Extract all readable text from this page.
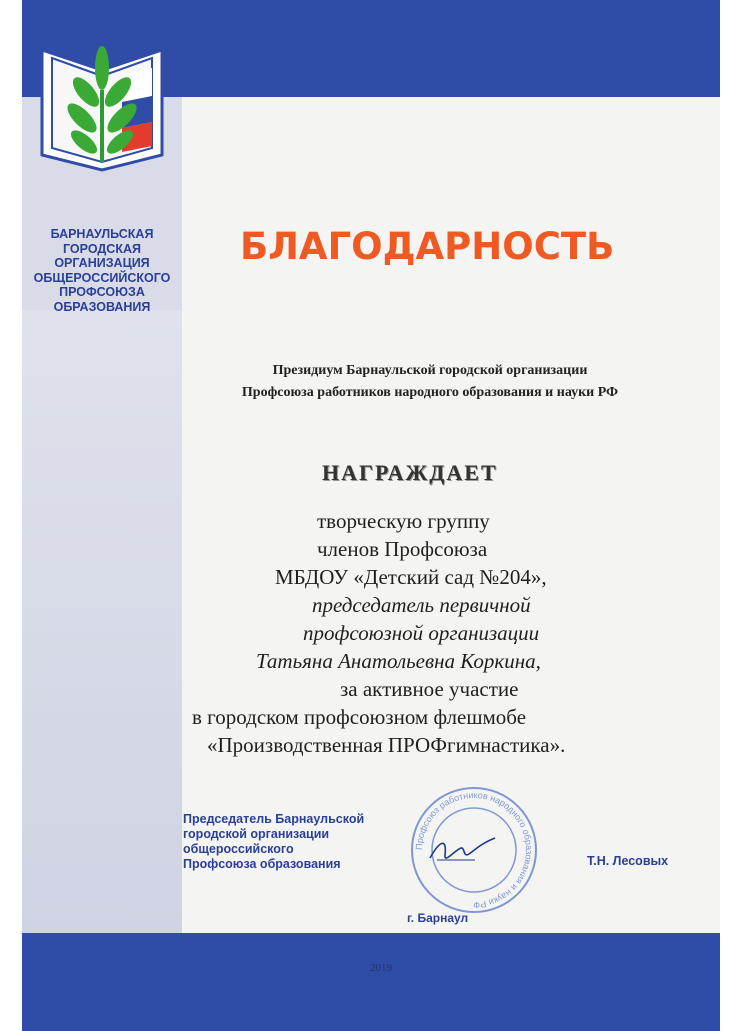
2019
БАРНАУЛЬСКАЯ
ГОРОДСКАЯ
ОРГАНИЗАЦИЯ
ОБЩЕРОССИЙСКОГО
ПРОФСОЮЗА
ОБРАЗОВАНИЯ
БЛАГОДАРНОСТЬ
Президиум Барнаульской городской организации
Профсоюза работников народного образования и науки РФ
НАГРАЖДАЕТ
творческую группу
членов Профсоюза
МБДОУ «Детский сад №204»,
председатель первичной
профсоюзной организации
Татьяна Анатольевна Коркина,
за активное участие
в городском профсоюзном флешмобе
«Производственная ПРОФгимнастика».
Профсоюз работников народного образования и науки РФ
Председатель Барнаульской
городской организации
общероссийского
Профсоюза образования	Т.Н. Лесовых
г. Барнаул
